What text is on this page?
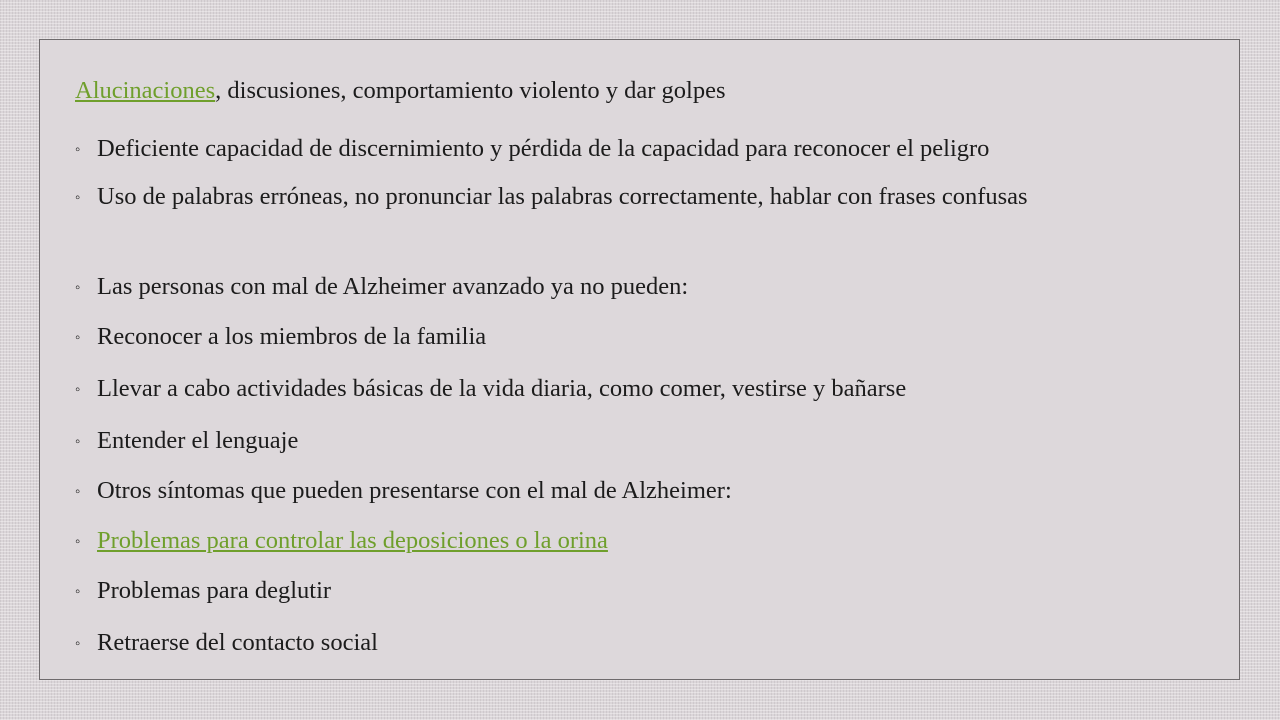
Alucinaciones, discusiones, comportamiento violento y dar golpes
◦ Deficiente capacidad de discernimiento y pérdida de la capacidad para reconocer el peligro
◦ Uso de palabras erróneas, no pronunciar las palabras correctamente, hablar con frases confusas
◦ Las personas con mal de Alzheimer avanzado ya no pueden:
◦ Reconocer a los miembros de la familia
◦ Llevar a cabo actividades básicas de la vida diaria, como comer, vestirse y bañarse
◦ Entender el lenguaje
◦ Otros síntomas que pueden presentarse con el mal de Alzheimer:
◦ Problemas para controlar las deposiciones o la orina
◦ Problemas para deglutir
◦ Retraerse del contacto social
